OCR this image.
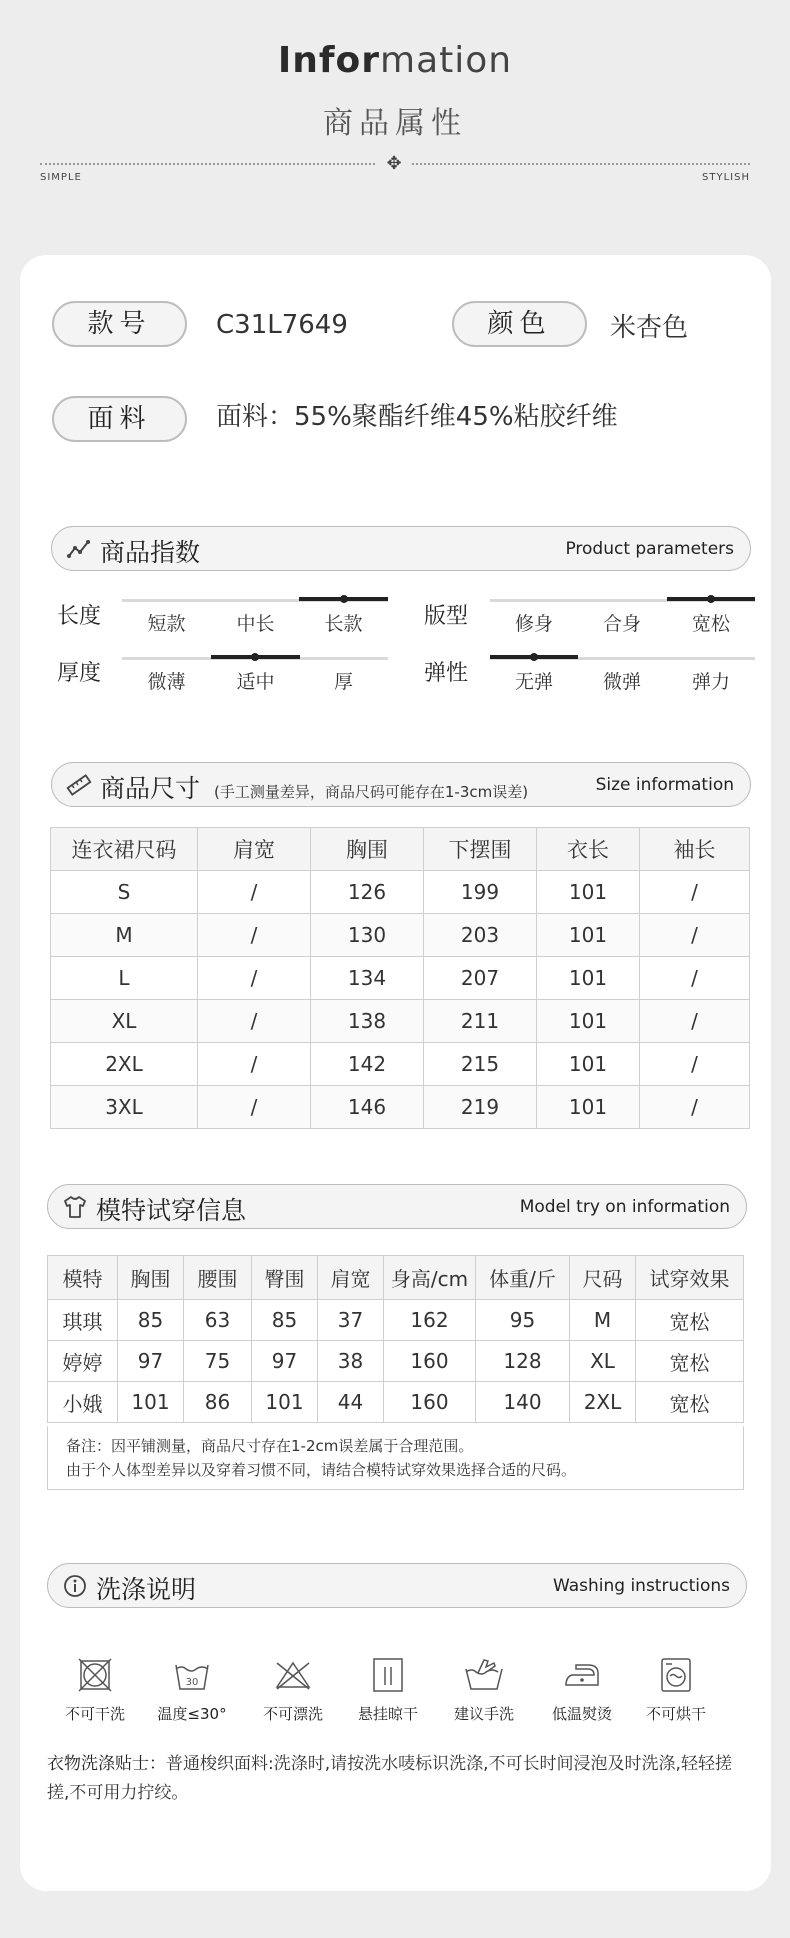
Information
商品属性
✥
SIMPLE	STYLISH
款号	C31L7649	颜色	米杏色
面料	面料：55%聚酯纤维45%粘胶纤维
商品指数	Product parameters
长度	短款	中长	长款	版型	修身	合身	宽松
厚度	微薄	适中	厚	弹性	无弹	微弹	弹力
商品尺寸 (手工测量差异，商品尺码可能存在1-3cm误差)	Size information
连衣裙尺码	肩宽	胸围	下摆围	衣长	袖长
S	/	126	199	101	/
M	/	130	203	101	/
L	/	134	207	101	/
XL	/	138	211	101	/
2XL	/	142	215	101	/
3XL	/	146	219	101	/
模特试穿信息	Model try on information
模特	胸围	腰围	臀围	肩宽	身高/cm	体重/斤	尺码	试穿效果
琪琪	85	63	85	37	162	95	M	宽松
婷婷	97	75	97	38	160	128	XL	宽松
小娥	101	86	101	44	160	140	2XL	宽松
备注：因平铺测量，商品尺寸存在1-2cm误差属于合理范围。
由于个人体型差异以及穿着习惯不同，请结合模特试穿效果选择合适的尺码。
洗涤说明	Washing instructions
不可干洗
30
温度≤30°	不可漂洗	悬挂晾干	建议手洗	低温熨烫	不可烘干
衣物洗涤贴士：普通梭织面料:洗涤时,请按洗水唛标识洗涤,不可长时间浸泡及时洗涤,轻轻搓搓,不可用力拧绞。
